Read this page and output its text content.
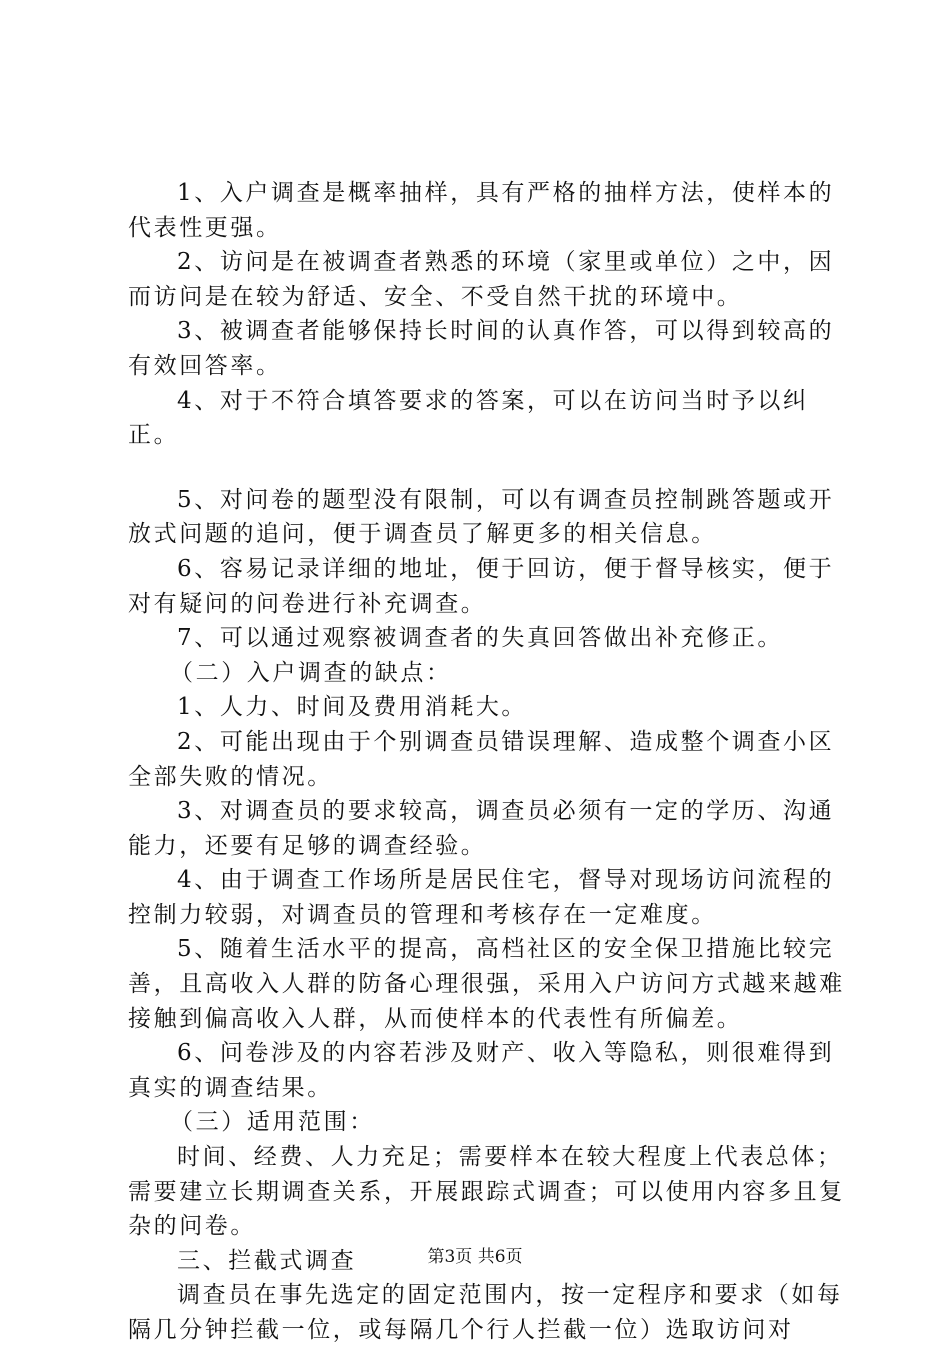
1、入户调查是概率抽样，具有严格的抽样方法，使样本的代表性更强。

2、访问是在被调查者熟悉的环境（家里或单位）之中，因而访问是在较为舒适、安全、不受自然干扰的环境中。

3、被调查者能够保持长时间的认真作答，可以得到较高的有效回答率。

4、对于不符合填答要求的答案，可以在访问当时予以纠正。

5、对问卷的题型没有限制，可以有调查员控制跳答题或开放式问题的追问，便于调查员了解更多的相关信息。

6、容易记录详细的地址，便于回访，便于督导核实，便于对有疑问的问卷进行补充调查。

7、可以通过观察被调查者的失真回答做出补充修正。

（二）入户调查的缺点：

1、人力、时间及费用消耗大。

2、可能出现由于个别调查员错误理解、造成整个调查小区全部失败的情况。

3、对调查员的要求较高，调查员必须有一定的学历、沟通能力，还要有足够的调查经验。

4、由于调查工作场所是居民住宅，督导对现场访问流程的控制力较弱，对调查员的管理和考核存在一定难度。

5、随着生活水平的提高，高档社区的安全保卫措施比较完善，且高收入人群的防备心理很强，采用入户访问方式越来越难接触到偏高收入人群，从而使样本的代表性有所偏差。

6、问卷涉及的内容若涉及财产、收入等隐私，则很难得到真实的调查结果。

（三）适用范围：

时间、经费、人力充足；需要样本在较大程度上代表总体；需要建立长期调查关系，开展跟踪式调查；可以使用内容多且复杂的问卷。

三、拦截式调查

调查员在事先选定的固定范围内，按一定程序和要求（如每隔几分钟拦截一位，或每隔几个行人拦截一位）选取访问对

第3页 共6页
